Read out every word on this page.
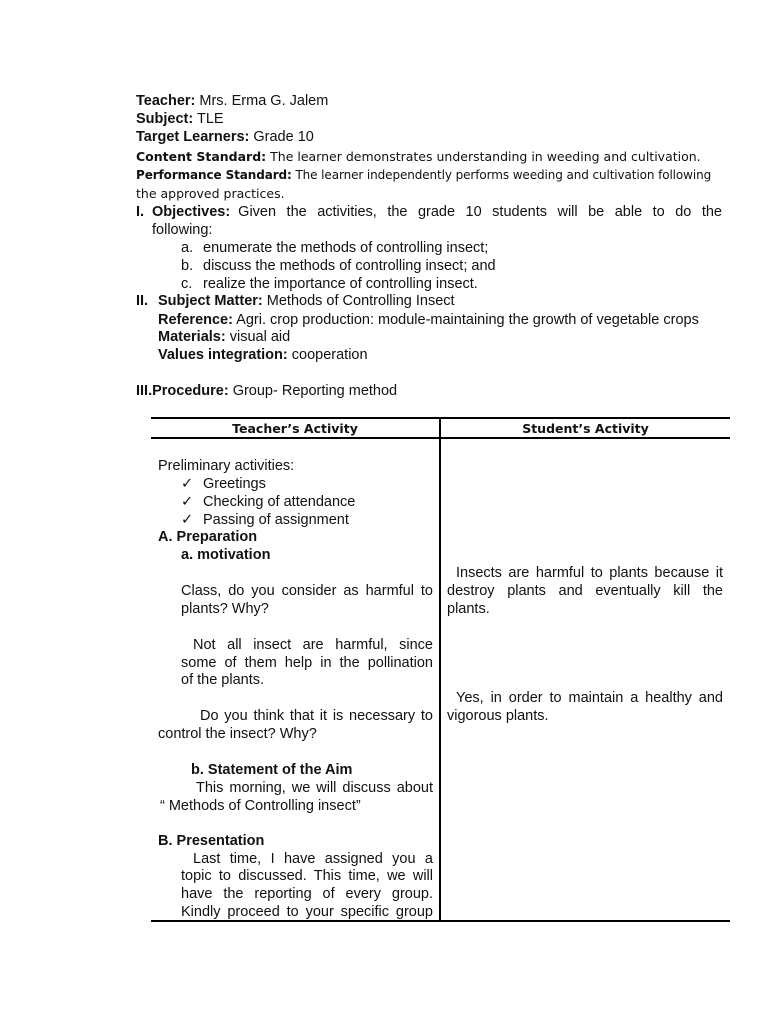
Teacher: Mrs. Erma G. Jalem
Subject: TLE
Target Learners: Grade 10
Content Standard: The learner demonstrates understanding in weeding and cultivation.
Performance Standard: The learner independently performs weeding and cultivation following
the approved practices.
I. Objectives: Given the activities, the grade 10 students will be able to do the
following:
a. enumerate the methods of controlling insect;
b. discuss the methods of controlling insect; and
c. realize the importance of controlling insect.
II. Subject Matter: Methods of Controlling Insect
Reference: Agri. crop production: module-maintaining the growth of vegetable crops
Materials: visual aid
Values integration: cooperation
III.Procedure: Group- Reporting method
Teacher’s Activity	Student’s Activity
Preliminary activities:
✓ Greetings
✓ Checking of attendance
✓ Passing of assignment
A. Preparation
a. motivation
Class, do you consider as harmful to
plants? Why?
Not all insect are harmful, since
some of them help in the pollination
of the plants.
Do you think that it is necessary to
control the insect? Why?
b. Statement of the Aim
This morning, we will discuss about
“ Methods of Controlling insect”
B. Presentation
Last time, I have assigned you a
topic to discussed. This time, we will
have the reporting of every group.
Kindly proceed to your specific group
Insects are harmful to plants because it
destroy plants and eventually kill the
plants.
Yes, in order to maintain a healthy and
vigorous plants.
